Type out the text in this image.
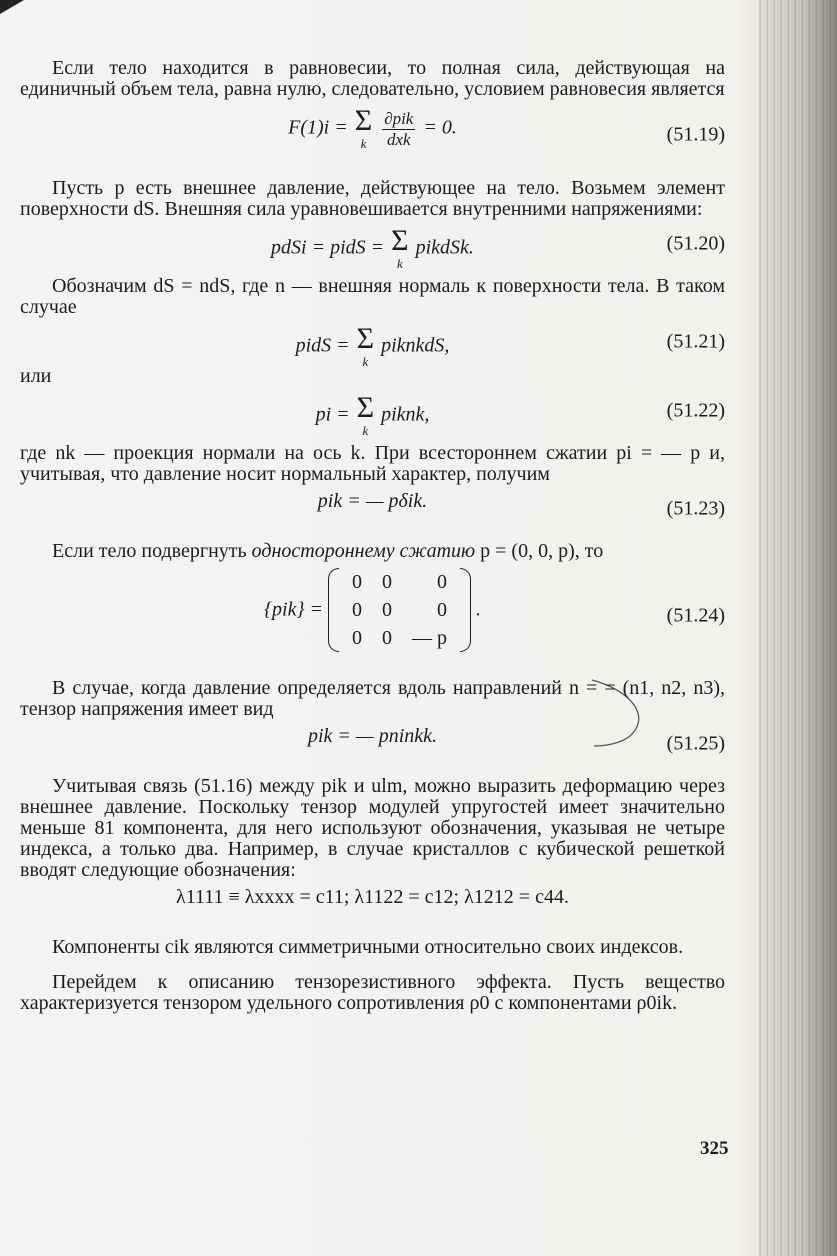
Если тело находится в равновесии, то полная сила, действующая на единичный объем тела, равна нулю, следовательно, условием равновесия является

F(1)i = Σ
k
$\frac{\text{∂pik}}{\text{dxk}} = 0$.	(51.19)

Пусть p есть внешнее давление, действующее на тело. Возьмем элемент поверхности dS. Внешняя сила уравновешивается внутренними напряжениями:

pdSi = pidS = Σ
k
pikdSk.	(51.20)

Обозначим dS = ndS, где n — внешняя нормаль к поверхности тела. В таком случае

pidS = Σ
k
piknkdS,	(51.21)

или

pi = Σ
k
piknk,	(51.22)

где nk — проекция нормали на ось k. При всестороннем сжатии pi = — p и, учитывая, что давление носит нормальный характер, получим

pik = — pδik.	(51.23)

Если тело подвергнуть одностороннему сжатию p = (0, 0, p), то

{pik} =
0	0	0
0	0	0
0	0	— p
.	(51.24)

В случае, когда давление определяется вдоль направлений n = = (n1, n2, n3), тензор напряжения имеет вид

pik = — pninkk.	(51.25)

Учитывая связь (51.16) между pik и ulm, можно выразить деформацию через внешнее давление. Поскольку тензор модулей упругостей имеет значительно меньше 81 компонента, для него используют обозначения, указывая не четыре индекса, а только два. Например, в случае кристаллов с кубической решеткой вводят следующие обозначения:

λ1111 ≡ λxxxx = c11; λ1122 = c12; λ1212 = c44.

Компоненты cik являются симметричными относительно своих индексов.

Перейдем к описанию тензорезистивного эффекта. Пусть вещество характеризуется тензором удельного сопротивления ρ0 с компонентами ρ0ik.

325
